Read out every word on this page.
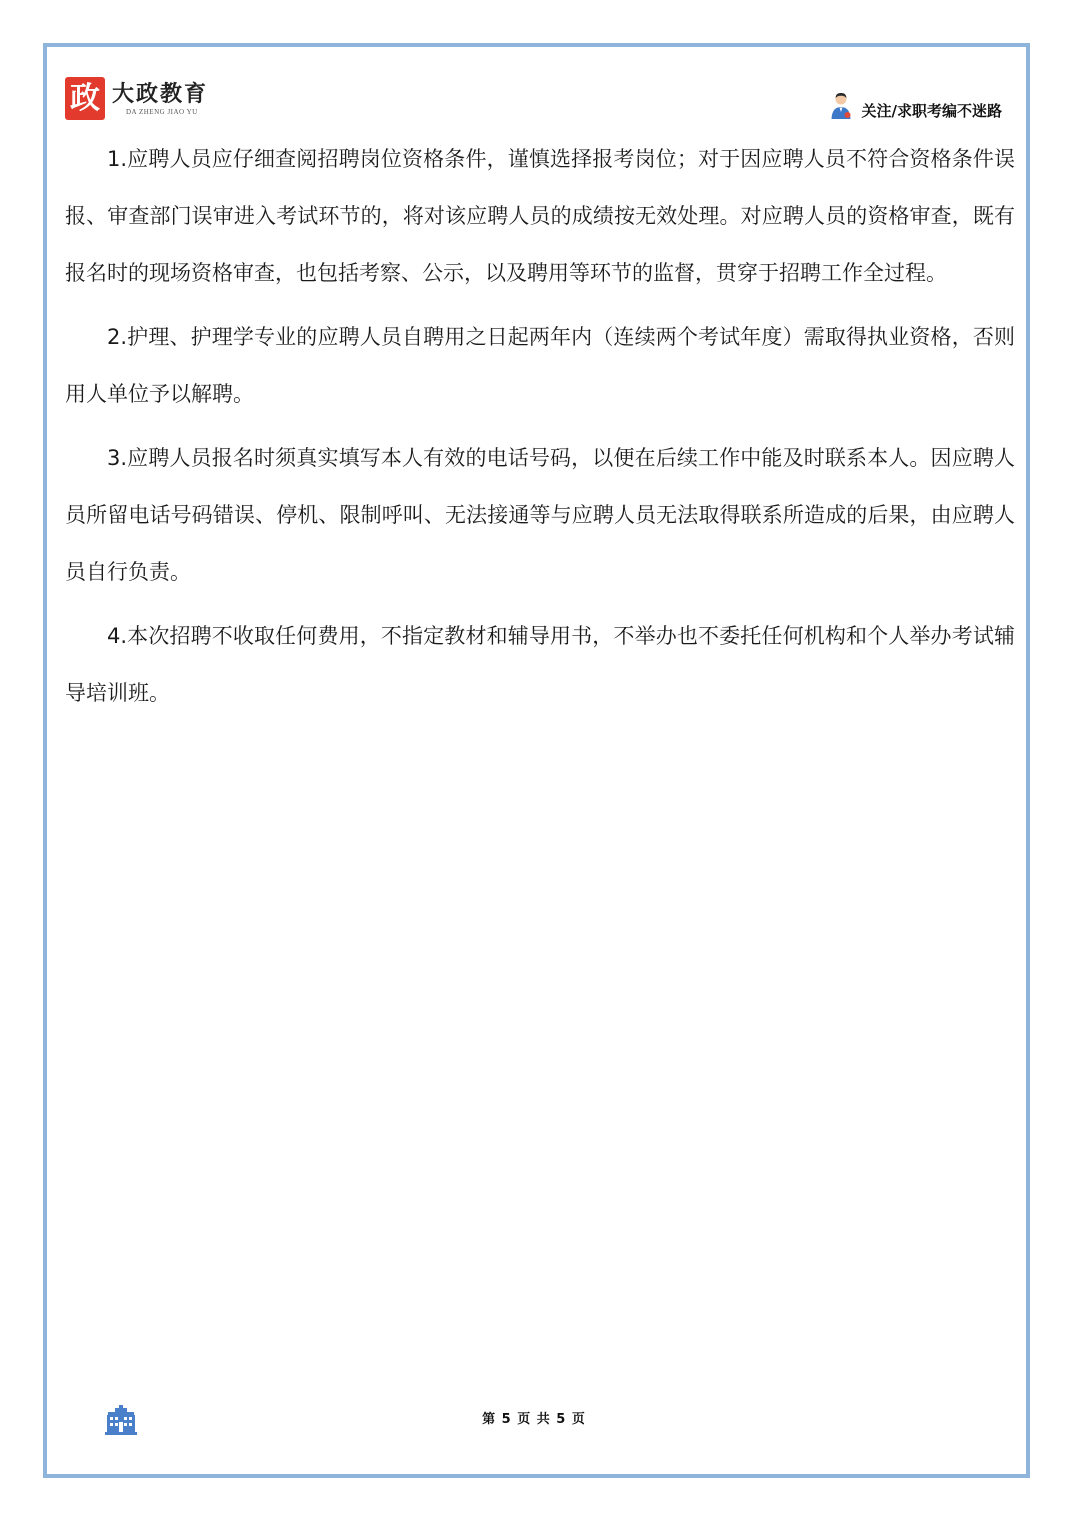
政 大政教育
DA ZHENG JIAO YU	关注/求职考编不迷路

1.应聘人员应仔细查阅招聘岗位资格条件，谨慎选择报考岗位；对于因应聘人员不符合资格条件误报、审查部门误审进入考试环节的，将对该应聘人员的成绩按无效处理。对应聘人员的资格审查，既有报名时的现场资格审查，也包括考察、公示，以及聘用等环节的监督，贯穿于招聘工作全过程。

2.护理、护理学专业的应聘人员自聘用之日起两年内（连续两个考试年度）需取得执业资格，否则用人单位予以解聘。

3.应聘人员报名时须真实填写本人有效的电话号码，以便在后续工作中能及时联系本人。因应聘人员所留电话号码错误、停机、限制呼叫、无法接通等与应聘人员无法取得联系所造成的后果，由应聘人员自行负责。

4.本次招聘不收取任何费用，不指定教材和辅导用书，不举办也不委托任何机构和个人举办考试辅导培训班。

第 5 页 共 5 页
